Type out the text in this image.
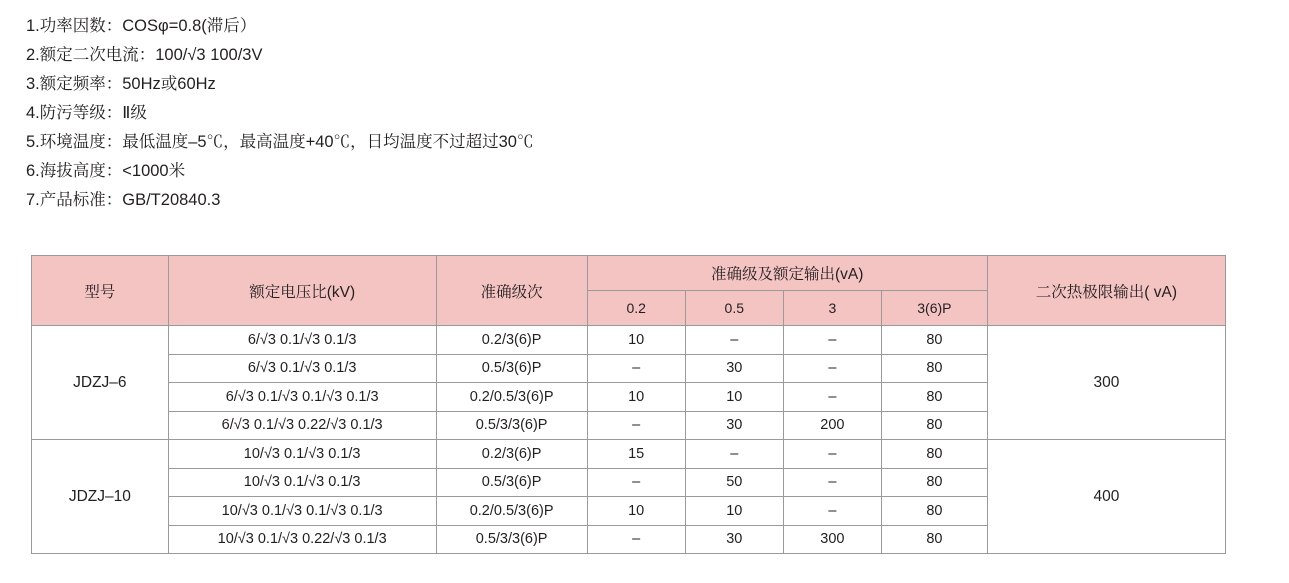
1.功率因数：COSφ=0.8(滞后）
2.额定二次电流：100/√3 100/3V
3.额定频率：50Hz或60Hz
4.防污等级：Ⅱ级
5.环境温度：最低温度–5℃，最高温度+40℃，日均温度不过超过30℃
6.海拔高度：<1000米
7.产品标准：GB/T20840.3
型号	额定电压比(kV)	准确级次	准确级及额定输出(vA)				二次热极限输出( vA)
			0.2	0.5	3	3(6)P	
JDZJ–6	6/√3 0.1/√3 0.1/3	0.2/3(6)P	10	–	–	80	300
	6/√3 0.1/√3 0.1/3	0.5/3(6)P	–	30	–	80	
	6/√3 0.1/√3 0.1/√3 0.1/3	0.2/0.5/3(6)P	10	10	–	80	
	6/√3 0.1/√3 0.22/√3 0.1/3	0.5/3/3(6)P	–	30	200	80	
JDZJ–10	10/√3 0.1/√3 0.1/3	0.2/3(6)P	15	–	–	80	400
	10/√3 0.1/√3 0.1/3	0.5/3(6)P	–	50	–	80	
	10/√3 0.1/√3 0.1/√3 0.1/3	0.2/0.5/3(6)P	10	10	–	80	
	10/√3 0.1/√3 0.22/√3 0.1/3	0.5/3/3(6)P	–	30	300	80	
